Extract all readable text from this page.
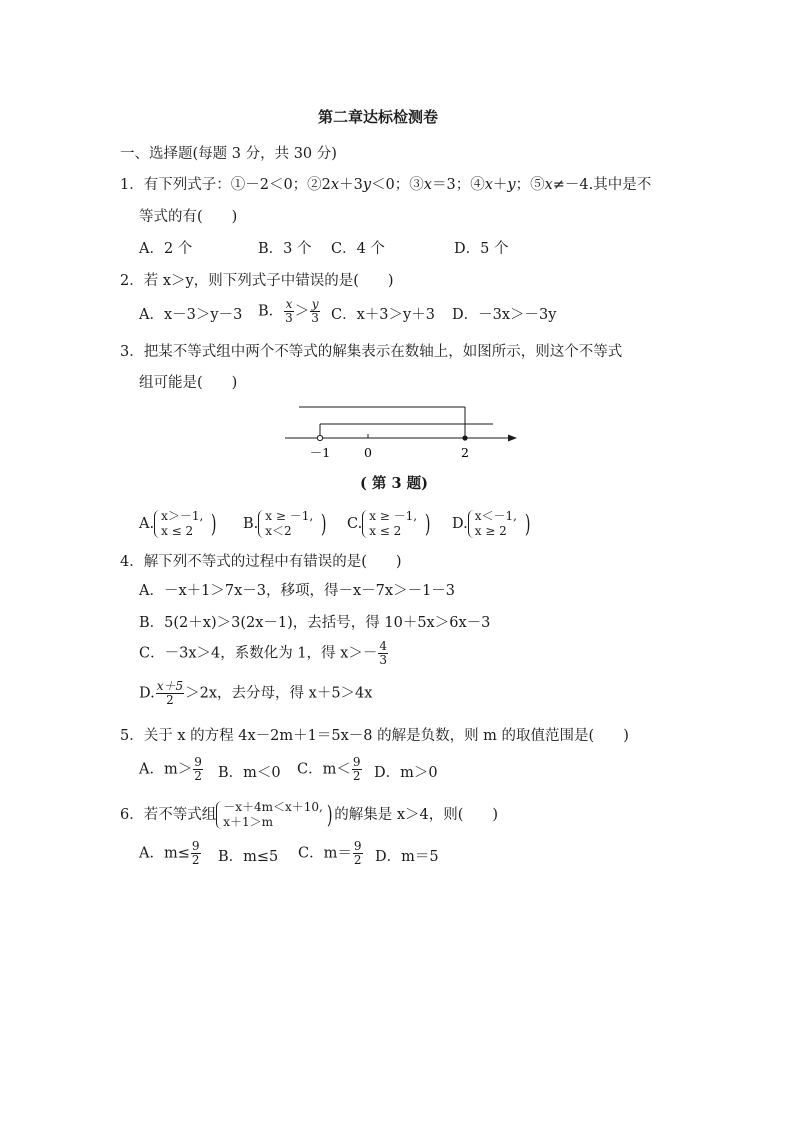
第二章达标检测卷
一、选择题(每题 3 分，共 30 分)
1．有下列式子：①－2＜0；②2x＋3y＜0；③x＝3；④x＋y；⑤x≠－4.其中是不
等式的有(　　)
A．2 个	B．3 个 C．4 个	D．5 个
2．若 x＞y，则下列式子中错误的是(　　)
A．x－3＞y－3 B． $\frac{x}{3} > \frac{y}{3}$ C．x＋3＞y＋3 D．－3x＞－3y
3．把某不等式组中两个不等式的解集表示在数轴上，如图所示，则这个不等式
组可能是(　　)
－1	0	2
( 第 3 题)
A. x＞－1,
x ≤ 2 ) B. x ≥ －1,
x＜2	) C. x ≥ －1,
x ≤ 2 ) D. x＜－1,
x ≥ 2 )
4．解下列不等式的过程中有错误的是(　　)
A．－x＋1＞7x－3，移项，得－x－7x＞－1－3
B．5(2＋x)＞3(2x－1)，去括号，得 10＋5x＞6x－3
C．－3x＞4，系数化为 1，得 $x>- \frac{4}{3}$
D. $\frac{x+5}{2} >2x$，去分母，得 x＋5＞4x
5．关于 x 的方程 4x－2m＋1＝5x－8 的解是负数，则 m 的取值范围是(　　)
A．$m> \frac{9}{2}$ B．m＜0 C．$m< \frac{9}{2}$ D．m＞0
6．若不等式组 －x＋4m＜x＋10,
x＋1＞m	) 的解集是 x＞4，则(　　)
A．$m\le \frac{9}{2}$ B．m≤5 C．$m= \frac{9}{2}$ D．m＝5
